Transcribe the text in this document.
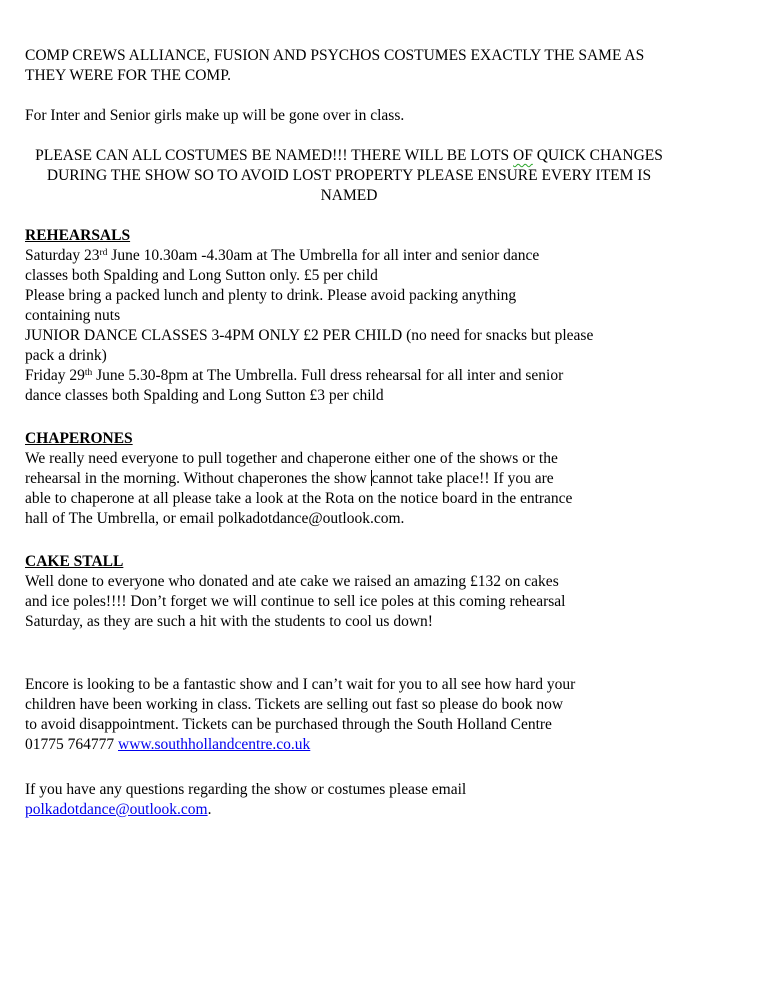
COMP CREWS ALLIANCE, FUSION AND PSYCHOS COSTUMES EXACTLY THE SAME AS
THEY WERE FOR THE COMP.
For Inter and Senior girls make up will be gone over in class.
PLEASE CAN ALL COSTUMES BE NAMED!!! THERE WILL BE LOTS OF QUICK CHANGES
DURING THE SHOW SO TO AVOID LOST PROPERTY PLEASE ENSURE EVERY ITEM IS
NAMED
REHEARSALS
Saturday 23rd June 10.30am -4.30am at The Umbrella for all inter and senior dance
classes both Spalding and Long Sutton only. £5 per child
Please bring a packed lunch and plenty to drink. Please avoid packing anything
containing nuts
JUNIOR DANCE CLASSES 3-4PM ONLY £2 PER CHILD (no need for snacks but please
pack a drink)
Friday 29th June 5.30-8pm at The Umbrella. Full dress rehearsal for all inter and senior
dance classes both Spalding and Long Sutton £3 per child
CHAPERONES
We really need everyone to pull together and chaperone either one of the shows or the
rehearsal in the morning. Without chaperones the show cannot take place!! If you are
able to chaperone at all please take a look at the Rota on the notice board in the entrance
hall of The Umbrella, or email polkadotdance@outlook.com.
CAKE STALL
Well done to everyone who donated and ate cake we raised an amazing £132 on cakes
and ice poles!!!! Don’t forget we will continue to sell ice poles at this coming rehearsal
Saturday, as they are such a hit with the students to cool us down!
Encore is looking to be a fantastic show and I can’t wait for you to all see how hard your
children have been working in class. Tickets are selling out fast so please do book now
to avoid disappointment. Tickets can be purchased through the South Holland Centre
01775 764777 www.southhollandcentre.co.uk
If you have any questions regarding the show or costumes please email
polkadotdance@outlook.com.
